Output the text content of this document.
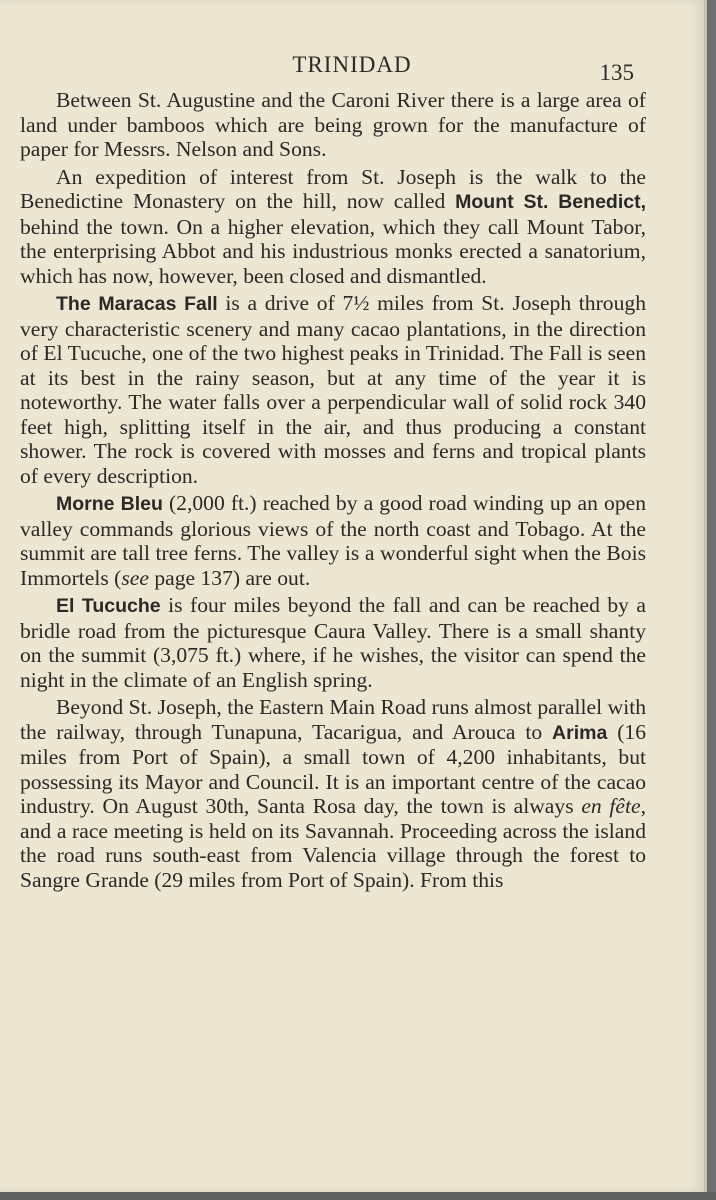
TRINIDAD	135

Between St. Augustine and the Caroni River there is a large area of land under bamboos which are being grown for the manufacture of paper for Messrs. Nelson and Sons.

An expedition of interest from St. Joseph is the walk to the Benedictine Monastery on the hill, now called Mount St. Benedict, behind the town. On a higher elevation, which they call Mount Tabor, the enterprising Abbot and his industrious monks erected a sanatorium, which has now, however, been closed and dismantled.

The Maracas Fall is a drive of 7½ miles from St. Joseph through very characteristic scenery and many cacao plantations, in the direction of El Tucuche, one of the two highest peaks in Trinidad. The Fall is seen at its best in the rainy season, but at any time of the year it is noteworthy. The water falls over a perpendicular wall of solid rock 340 feet high, splitting itself in the air, and thus producing a constant shower. The rock is covered with mosses and ferns and tropical plants of every description.

Morne Bleu (2,000 ft.) reached by a good road winding up an open valley commands glorious views of the north coast and Tobago. At the summit are tall tree ferns. The valley is a wonderful sight when the Bois Immortels (see page 137) are out.

El Tucuche is four miles beyond the fall and can be reached by a bridle road from the picturesque Caura Valley. There is a small shanty on the summit (3,075 ft.) where, if he wishes, the visitor can spend the night in the climate of an English spring.

Beyond St. Joseph, the Eastern Main Road runs almost parallel with the railway, through Tunapuna, Tacarigua, and Arouca to Arima (16 miles from Port of Spain), a small town of 4,200 inhabitants, but possessing its Mayor and Council. It is an important centre of the cacao industry. On August 30th, Santa Rosa day, the town is always en fête, and a race meeting is held on its Savannah. Proceeding across the island the road runs south-east from Valencia village through the forest to Sangre Grande (29 miles from Port of Spain). From this
